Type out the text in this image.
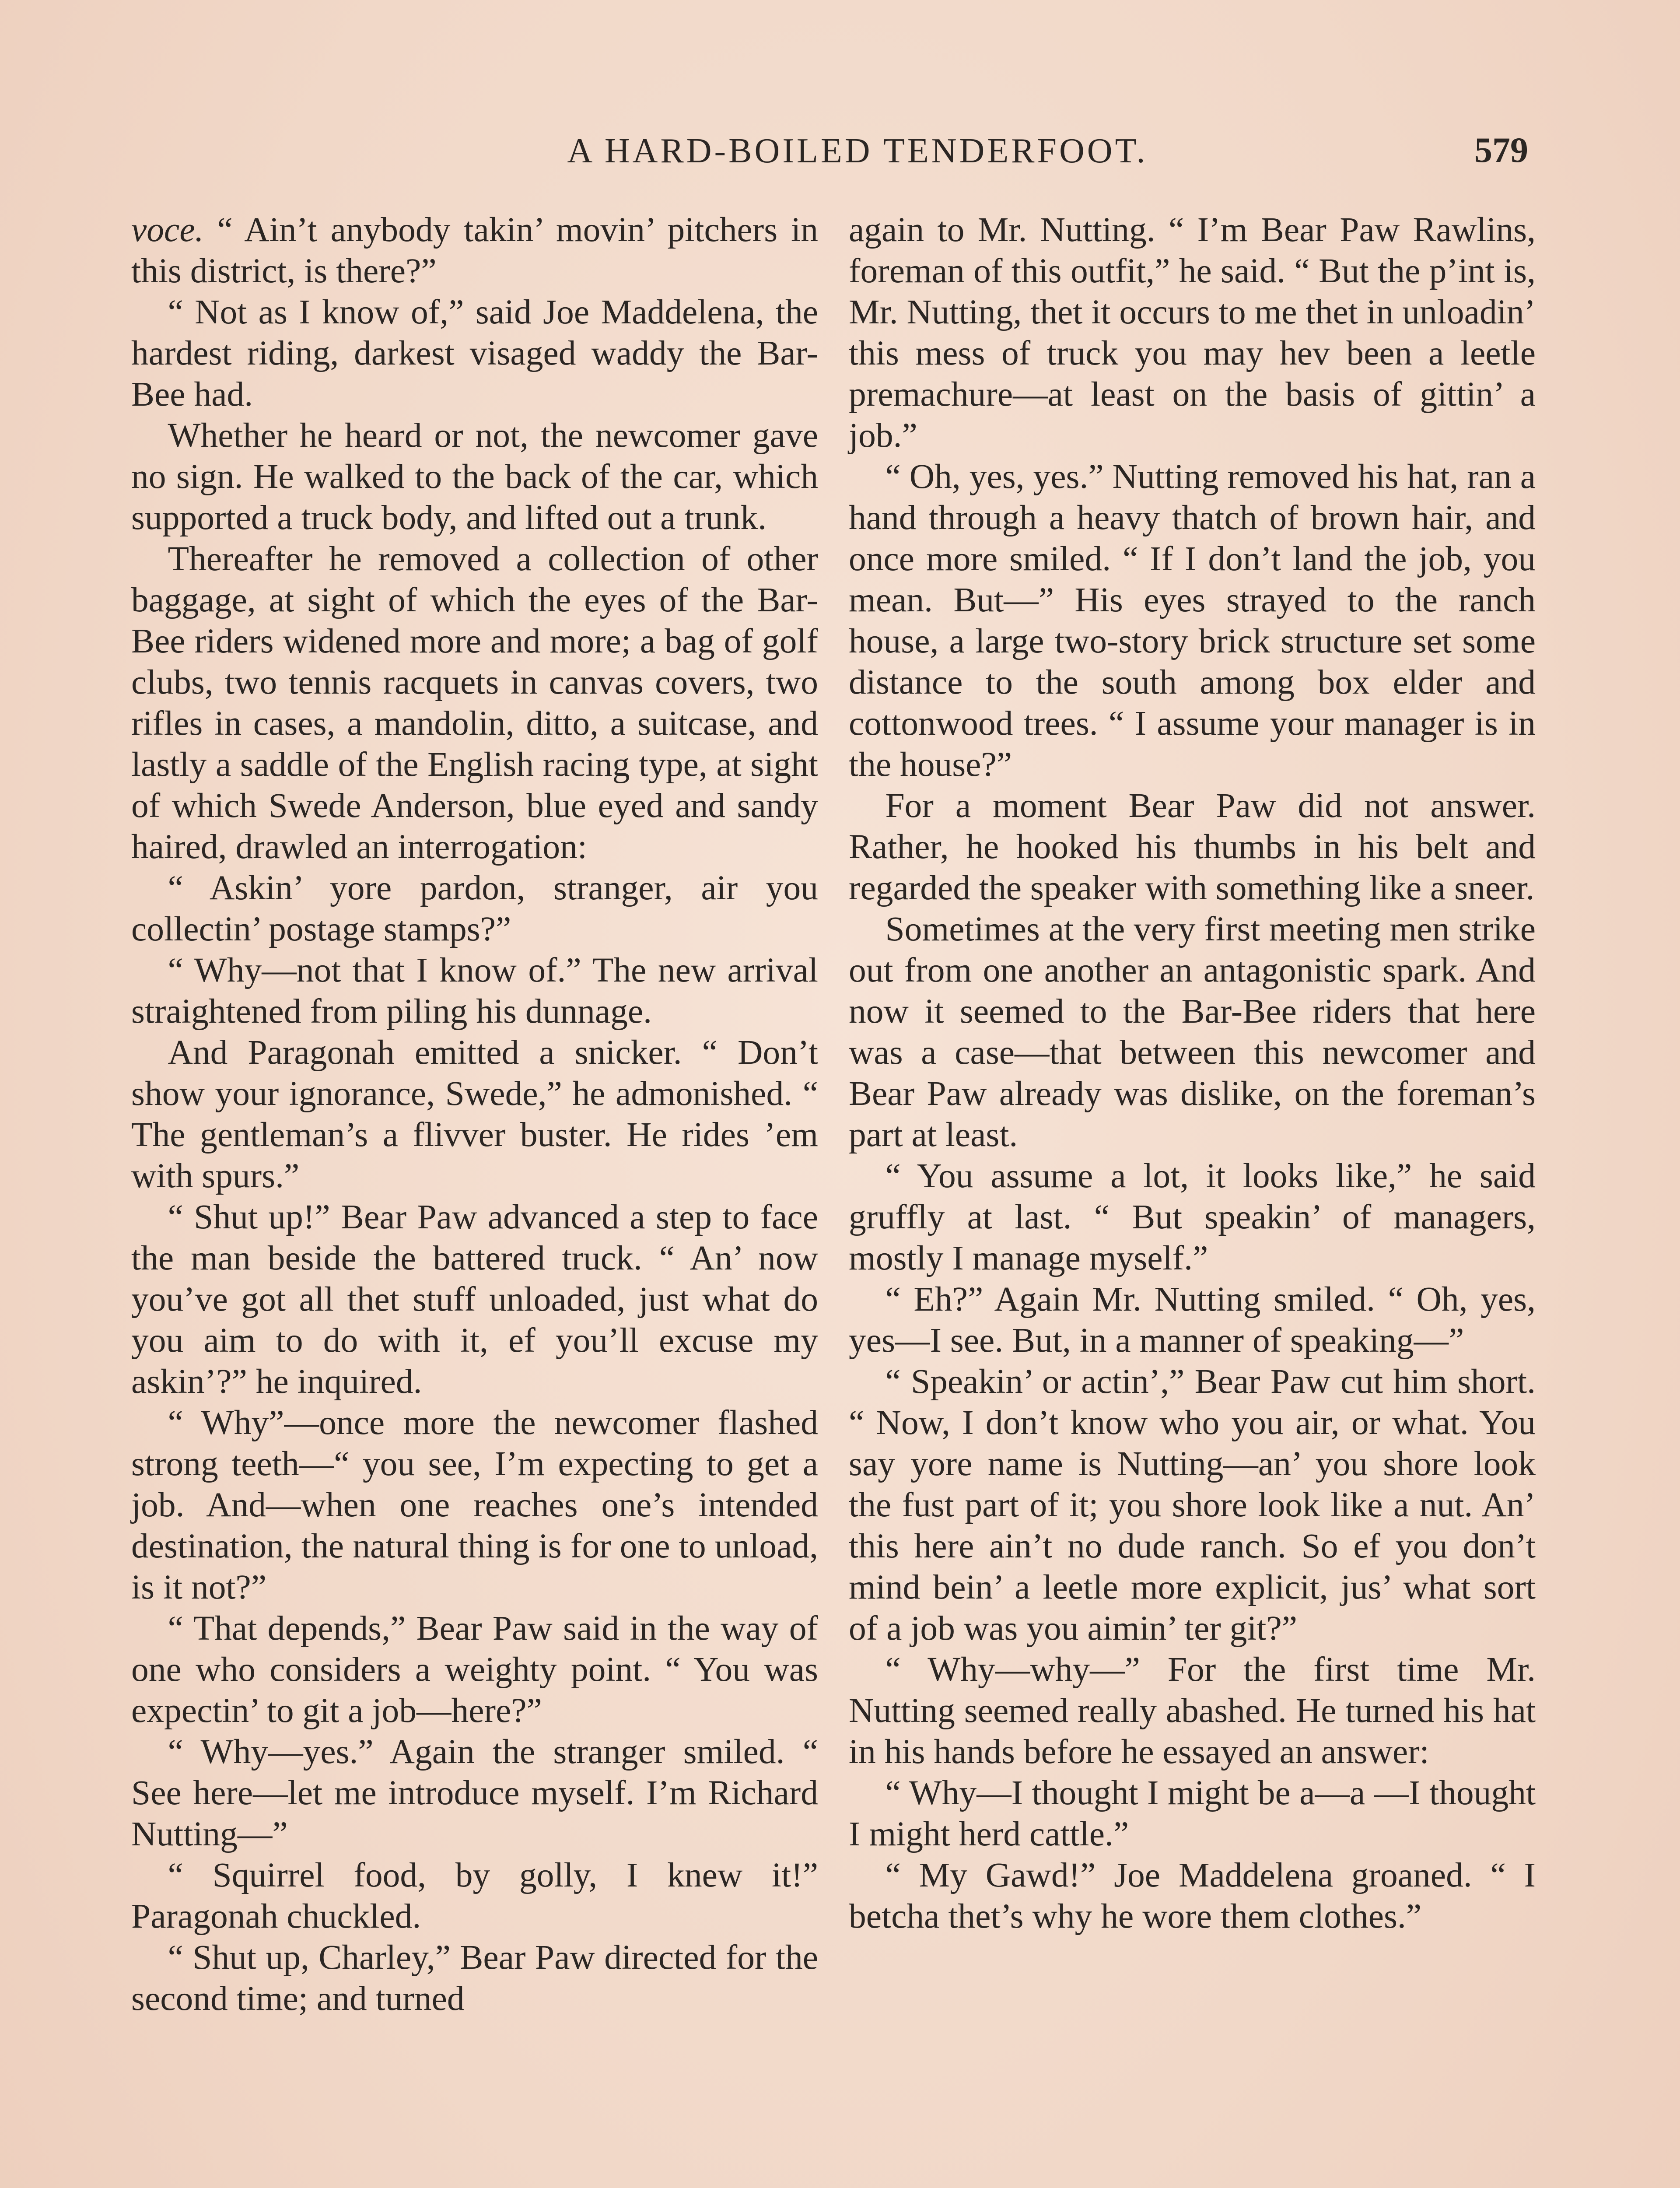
A HARD-BOILED TENDERFOOT.	579

voce. “ Ain’t anybody takin’ movin’ pitchers in this district, is there?”

“ Not as I know of,” said Joe Maddelena, the hardest riding, darkest visaged waddy the Bar-Bee had.

Whether he heard or not, the newcomer gave no sign. He walked to the back of the car, which supported a truck body, and lifted out a trunk.

Thereafter he removed a collection of other baggage, at sight of which the eyes of the Bar-Bee riders widened more and more; a bag of golf clubs, two tennis racquets in canvas covers, two rifles in cases, a mandolin, ditto, a suitcase, and lastly a saddle of the English racing type, at sight of which Swede Anderson, blue eyed and sandy haired, drawled an interrogation:

“ Askin’ yore pardon, stranger, air you collectin’ postage stamps?”

“ Why—not that I know of.” The new arrival straightened from piling his dunnage.

And Paragonah emitted a snicker. “ Don’t show your ignorance, Swede,” he admonished. “ The gentleman’s a flivver buster. He rides ’em with spurs.”

“ Shut up!” Bear Paw advanced a step to face the man beside the battered truck. “ An’ now you’ve got all thet stuff unloaded, just what do you aim to do with it, ef you’ll excuse my askin’?” he inquired.

“ Why”—once more the newcomer flashed strong teeth—“ you see, I’m expecting to get a job. And—when one reaches one’s intended destination, the natural thing is for one to unload, is it not?”

“ That depends,” Bear Paw said in the way of one who considers a weighty point. “ You was expectin’ to git a job—here?”

“ Why—yes.” Again the stranger smiled. “ See here—let me introduce myself. I’m Richard Nutting—”

“ Squirrel food, by golly, I knew it!” Paragonah chuckled.

“ Shut up, Charley,” Bear Paw directed for the second time; and turned

again to Mr. Nutting. “ I’m Bear Paw Rawlins, foreman of this outfit,” he said. “ But the p’int is, Mr. Nutting, thet it occurs to me thet in unloadin’ this mess of truck you may hev been a leetle premachure—at least on the basis of gittin’ a job.”

“ Oh, yes, yes.” Nutting removed his hat, ran a hand through a heavy thatch of brown hair, and once more smiled. “ If I don’t land the job, you mean. But—” His eyes strayed to the ranch house, a large two-story brick structure set some distance to the south among box elder and cottonwood trees. “ I assume your manager is in the house?”

For a moment Bear Paw did not answer. Rather, he hooked his thumbs in his belt and regarded the speaker with something like a sneer.

Sometimes at the very first meeting men strike out from one another an antagonistic spark. And now it seemed to the Bar-Bee riders that here was a case—that between this newcomer and Bear Paw already was dislike, on the foreman’s part at least.

“ You assume a lot, it looks like,” he said gruffly at last. “ But speakin’ of managers, mostly I manage myself.”

“ Eh?” Again Mr. Nutting smiled. “ Oh, yes, yes—I see. But, in a manner of speaking—”

“ Speakin’ or actin’,” Bear Paw cut him short. “ Now, I don’t know who you air, or what. You say yore name is Nutting—an’ you shore look the fust part of it; you shore look like a nut. An’ this here ain’t no dude ranch. So ef you don’t mind bein’ a leetle more explicit, jus’ what sort of a job was you aimin’ ter git?”

“ Why—why—” For the first time Mr. Nutting seemed really abashed. He turned his hat in his hands before he essayed an answer:

“ Why—I thought I might be a—a —I thought I might herd cattle.”

“ My Gawd!” Joe Maddelena groaned. “ I betcha thet’s why he wore them clothes.”
